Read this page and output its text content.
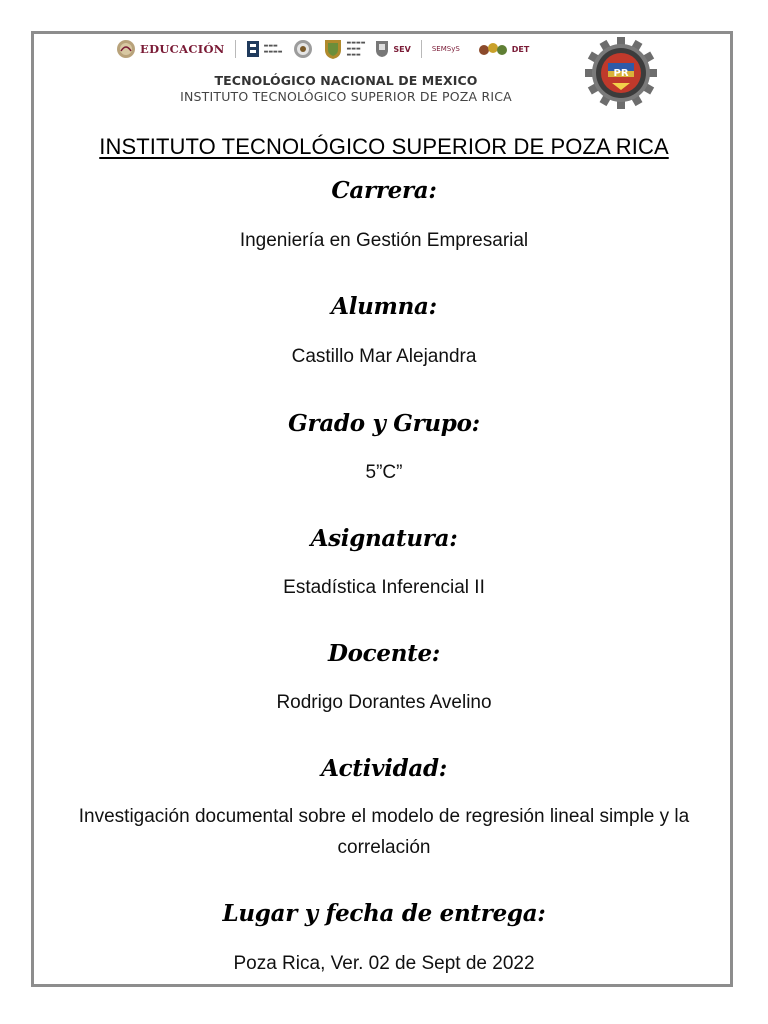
EDUCACIÓN	▬▬▬
▬▬▬▬
▬▬▬▬
▬▬▬
▬▬▬
SEV	SEMSyS	DET
TECNOLÓGICO NACIONAL DE MEXICO
INSTITUTO TECNOLÓGICO SUPERIOR DE POZA RICA
PR
INSTITUTO TECNOLÓGICO SUPERIOR DE POZA RICA
Carrera:
Ingeniería en Gestión Empresarial
Alumna:
Castillo Mar Alejandra
Grado y Grupo:
5”C”
Asignatura:
Estadística Inferencial II
Docente:
Rodrigo Dorantes Avelino
Actividad:
Investigación documental sobre el modelo de regresión lineal simple y la correlación
Lugar y fecha de entrega:
Poza Rica, Ver. 02 de Sept de 2022
